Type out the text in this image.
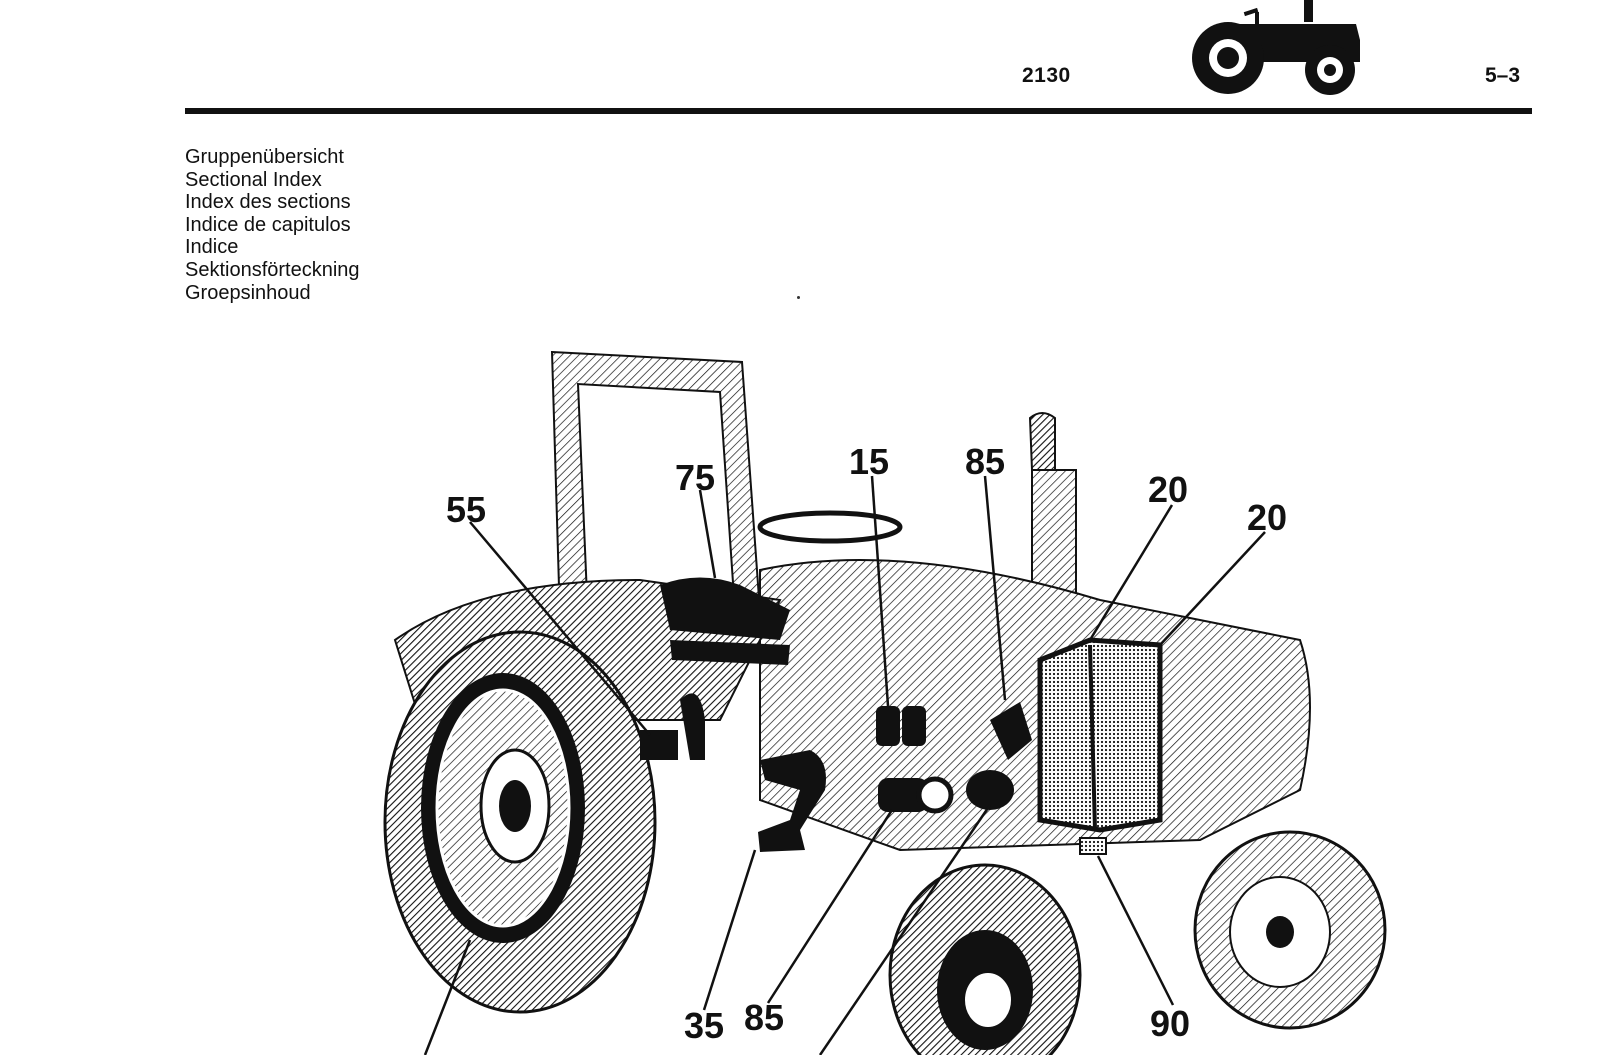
2130	5–3
Gruppenübersicht
Sectional Index
Index des sections
Indice de capitulos
Indice
Sektionsförteckning
Groepsinhoud
55
75	15 85
20
20
35 85	90
